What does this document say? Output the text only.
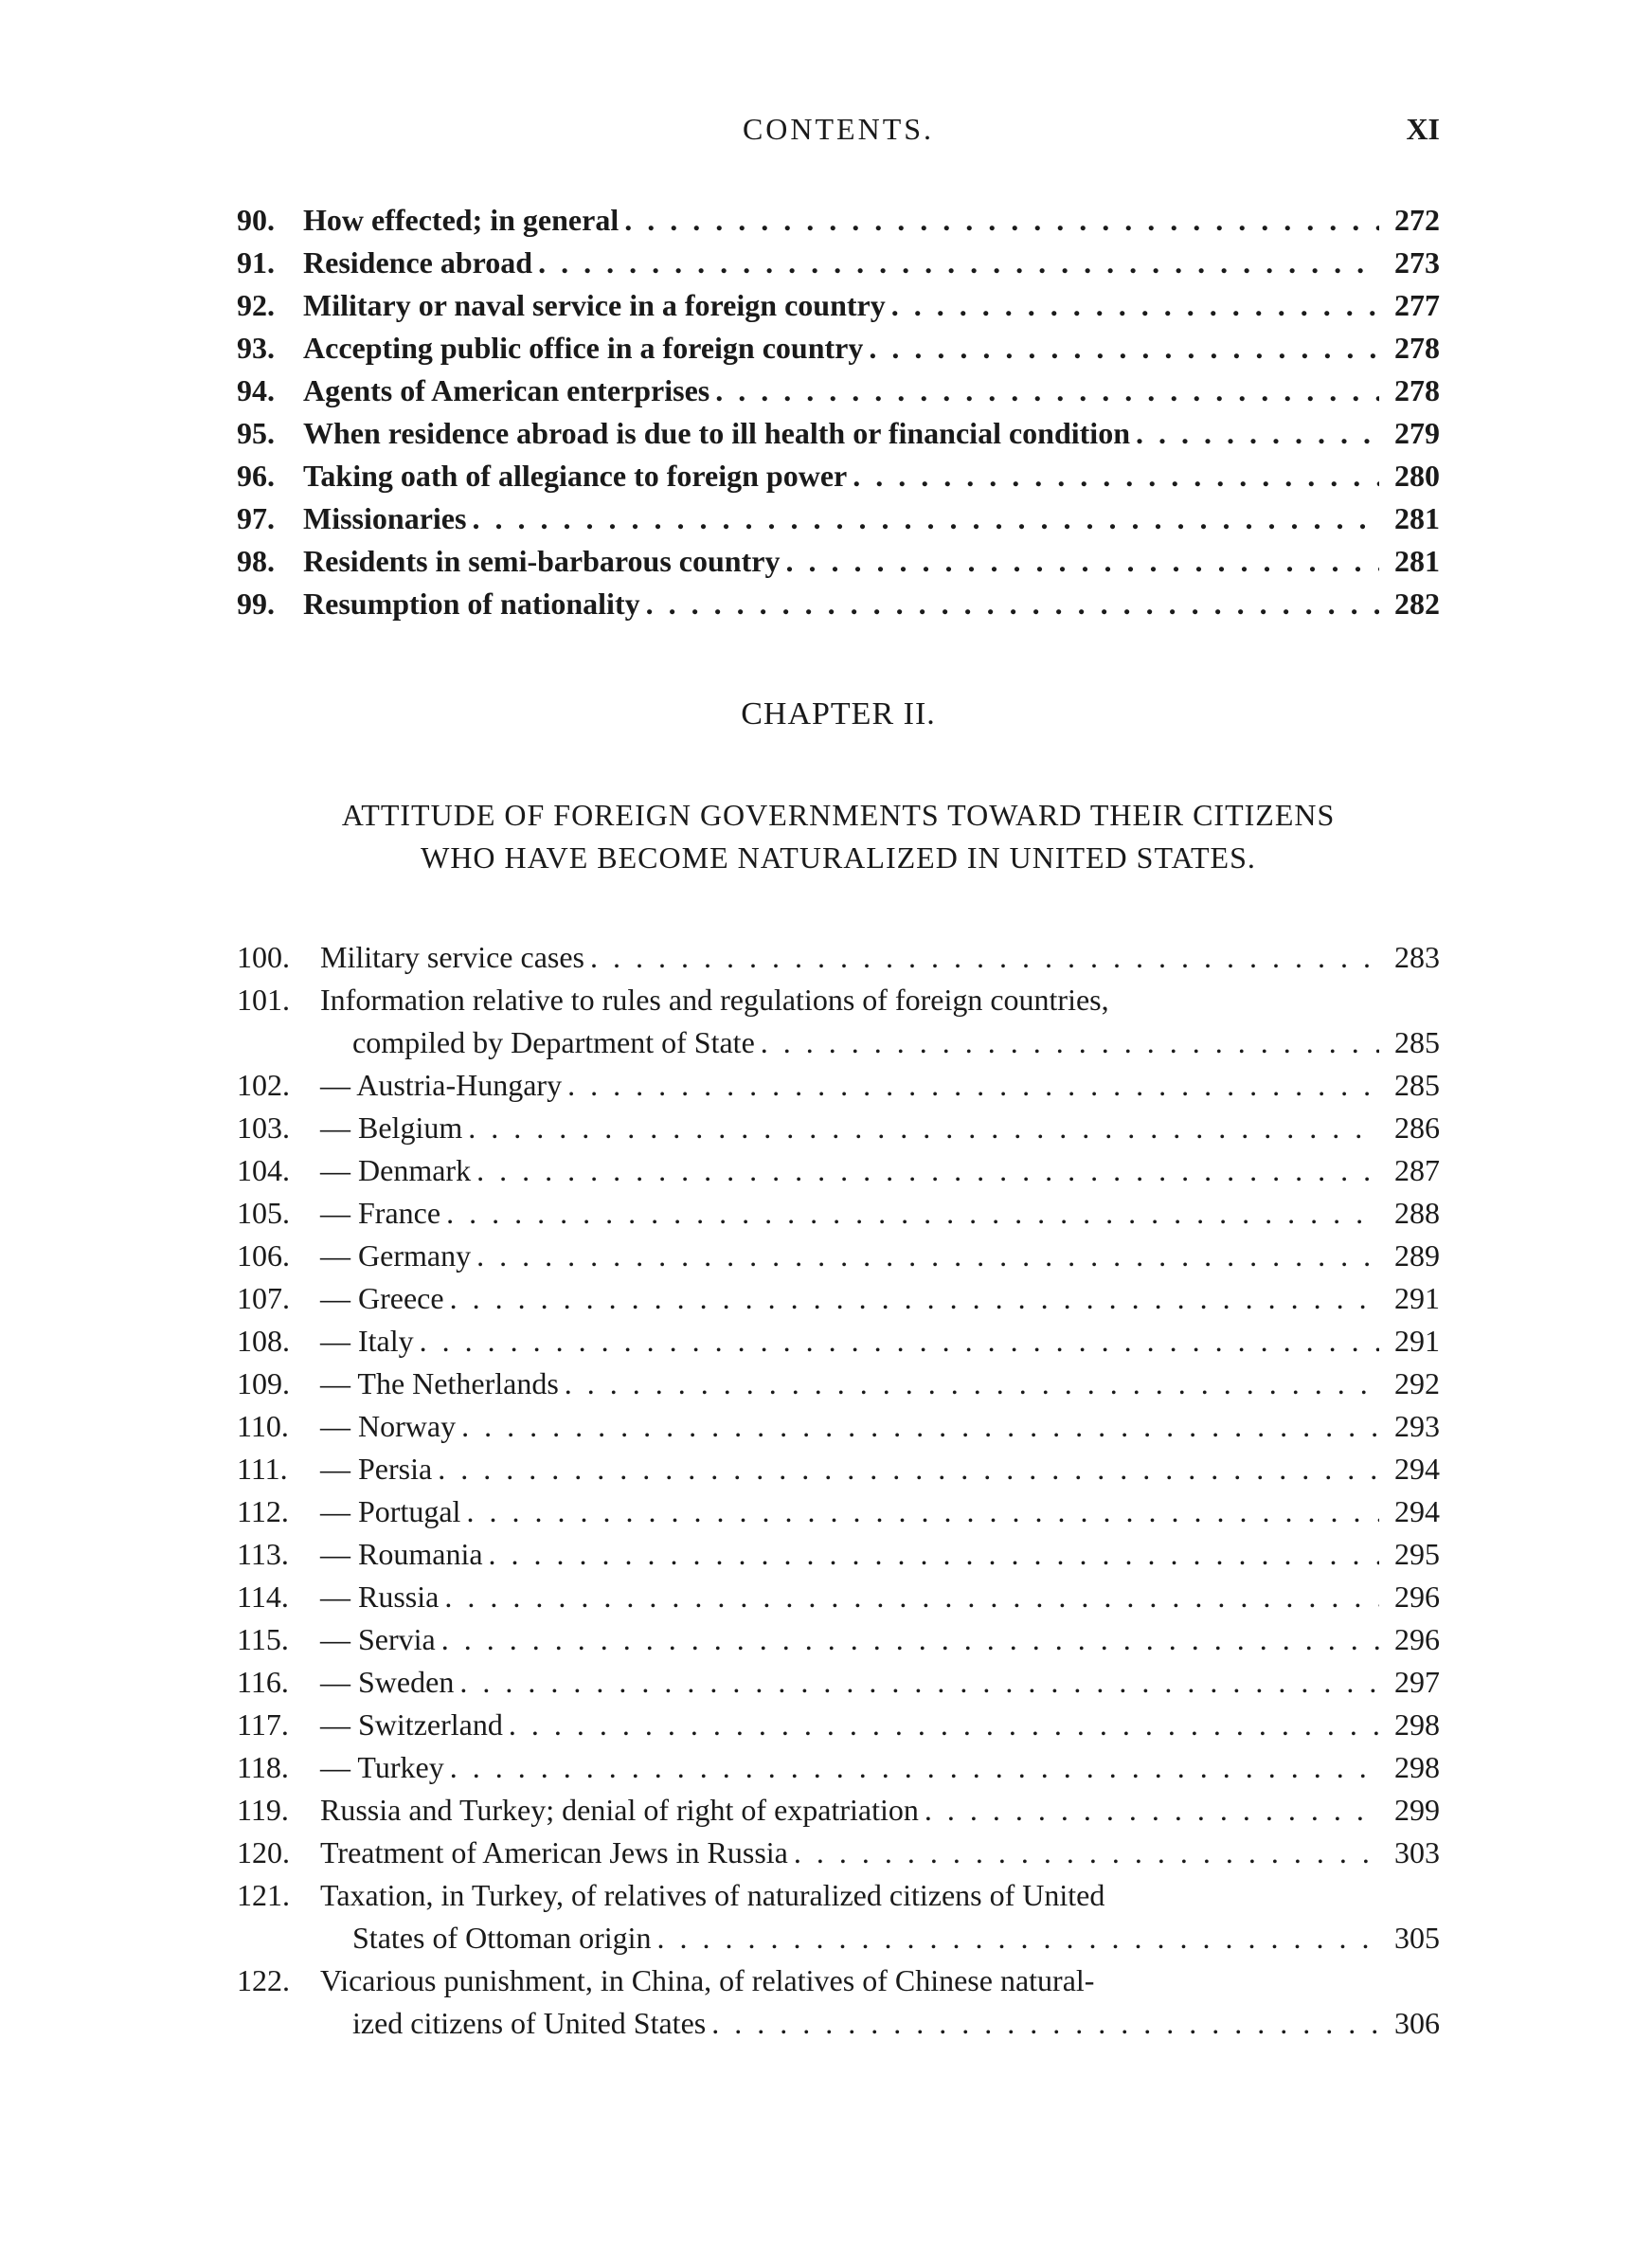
CONTENTS.	XI
90. How effected; in general . . .	272
91. Residence abroad . . .	273
92. Military or naval service in a foreign country . . .	277
93. Accepting public office in a foreign country . . .	278
94. Agents of American enterprises . . .	278
95. When residence abroad is due to ill health or financial condition . . .	279
96. Taking oath of allegiance to foreign power . . .	280
97. Missionaries . . .	281
98. Residents in semi-barbarous country . . .	281
99. Resumption of nationality . . .	282
CHAPTER II.
ATTITUDE OF FOREIGN GOVERNMENTS TOWARD THEIR CITIZENS
WHO HAVE BECOME NATURALIZED IN UNITED STATES.
100.	Military service cases . . .	283
101.	Information relative to rules and regulations of foreign countries,
compiled by Department of State . . .	285
102.	— Austria-Hungary . . .	285
103.	— Belgium . . .	286
104.	— Denmark . . .	287
105.	— France . . .	288
106.	— Germany . . .	289
107.	— Greece . . .	291
108.	— Italy . . .	291
109.	— The Netherlands . . .	292
110.	— Norway . . .	293
111.	— Persia . . .	294
112.	— Portugal . . .	294
113.	— Roumania . . .	295
114.	— Russia . . .	296
115.	— Servia . . .	296
116.	— Sweden . . .	297
117.	— Switzerland . . .	298
118.	— Turkey . . .	298
119.	Russia and Turkey; denial of right of expatriation . . .	299
120.	Treatment of American Jews in Russia . . .	303
121.	Taxation, in Turkey, of relatives of naturalized citizens of United
States of Ottoman origin . . .	305
122.	Vicarious punishment, in China, of relatives of Chinese natural-
ized citizens of United States . . .	306
